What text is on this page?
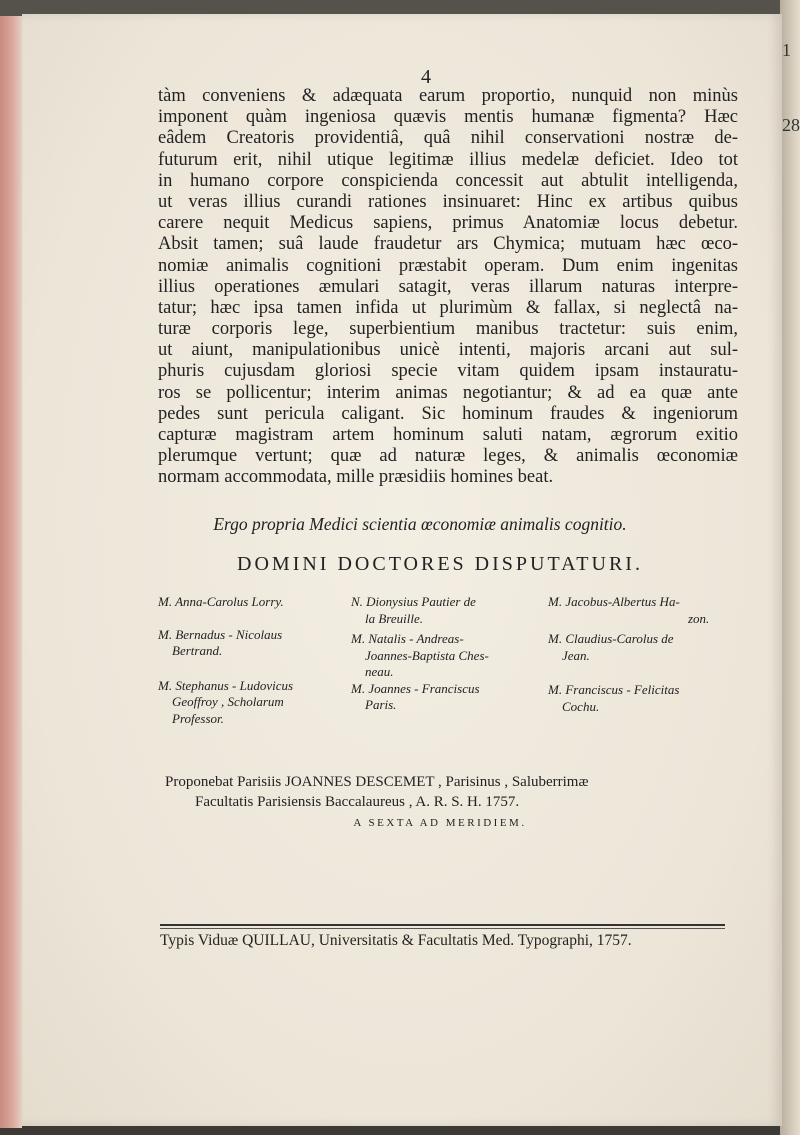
1
28
4
tàm conveniens & adæquata earum proportio, nunquid non minùs
imponent quàm ingeniosa quævis mentis humanæ figmenta? Hæc
eâdem Creatoris providentiâ, quâ nihil conservationi nostræ de-
futurum erit, nihil utique legitimæ illius medelæ deficiet. Ideo tot
in humano corpore conspicienda concessit aut abtulit intelligenda,
ut veras illius curandi rationes insinuaret: Hinc ex artibus quibus
carere nequit Medicus sapiens, primus Anatomiæ locus debetur.
Absit tamen; suâ laude fraudetur ars Chymica; mutuam hæc œco-
nomiæ animalis cognitioni præstabit operam. Dum enim ingenitas
illius operationes æmulari satagit, veras illarum naturas interpre-
tatur; hæc ipsa tamen infida ut plurimùm & fallax, si neglectâ na-
turæ corporis lege, superbientium manibus tractetur: suis enim,
ut aiunt, manipulationibus unicè intenti, majoris arcani aut sul-
phuris cujusdam gloriosi specie vitam quidem ipsam instauratu-
ros se pollicentur; interim animas negotiantur; & ad ea quæ ante
pedes sunt pericula caligant. Sic hominum fraudes & ingeniorum
capturæ magistram artem hominum saluti natam, ægrorum exitio
plerumque vertunt; quæ ad naturæ leges, & animalis œconomiæ
normam accommodata, mille præsidiis homines beat.
Ergo propria Medici scientia œconomiæ animalis cognitio.
DOMINI DOCTORES DISPUTATURI.
M. Anna-Carolus Lorry.
M. Bernadus - Nicolaus
Bertrand.
M. Stephanus - Ludovicus
Geoffroy , Scholarum
Professor.
N. Dionysius Pautier de
la Breuille.
M. Natalis - Andreas-
Joannes-Baptista Ches-
neau.
M. Joannes - Franciscus
Paris.
M. Jacobus-Albertus Ha-
zon.
M. Claudius-Carolus de
Jean.
M. Franciscus - Felicitas
Cochu.
Proponebat Parisiis JOANNES DESCEMET , Parisinus , Saluberrimæ
Facultatis Parisiensis Baccalaureus , A. R. S. H. 1757.
A SEXTA AD MERIDIEM.
Typis Viduæ QUILLAU, Universitatis & Facultatis Med. Typographi, 1757.
